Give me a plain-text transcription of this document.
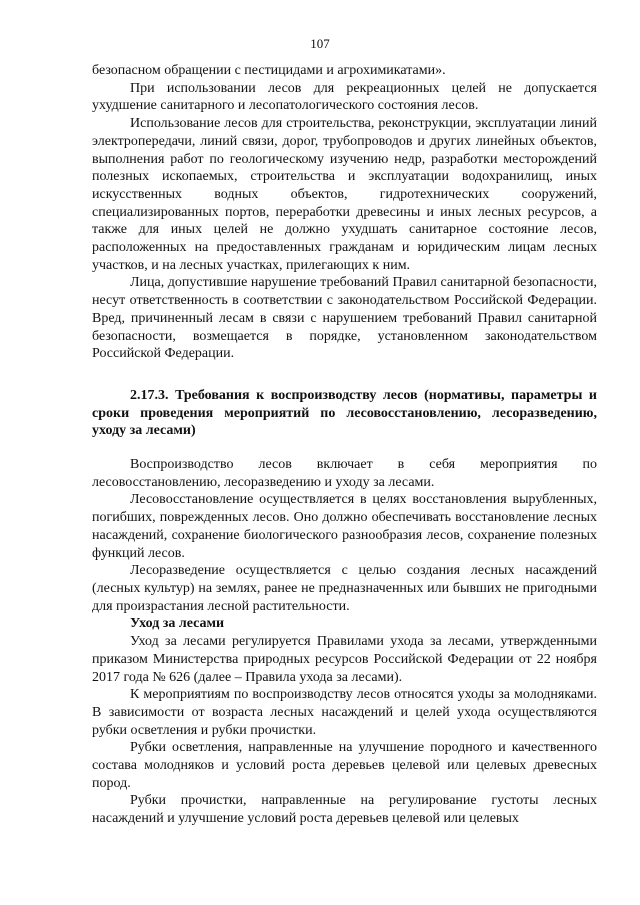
107

безопасном обращении с пестицидами и агрохимикатами».

При использовании лесов для рекреационных целей не допускается ухудшение санитарного и лесопатологического состояния лесов.

Использование лесов для строительства, реконструкции, эксплуатации линий электропередачи, линий связи, дорог, трубопроводов и других линейных объектов, выполнения работ по геологическому изучению недр, разработки месторождений полезных ископаемых, строительства и эксплуатации водохранилищ, иных искусственных водных объектов, гидротехнических сооружений, специализированных портов, переработки древесины и иных лесных ресурсов, а также для иных целей не должно ухудшать санитарное состояние лесов, расположенных на предоставленных гражданам и юридическим лицам лесных участков, и на лесных участках, прилегающих к ним.

Лица, допустившие нарушение требований Правил санитарной безопасности, несут ответственность в соответствии с законодательством Российской Федерации. Вред, причиненный лесам в связи с нарушением требований Правил санитарной безопасности, возмещается в порядке, установленном законодательством Российской Федерации.

2.17.3. Требования к воспроизводству лесов (нормативы, параметры и сроки проведения мероприятий по лесовосстановлению, лесоразведению, уходу за лесами)

Воспроизводство лесов включает в себя мероприятия по лесовосстановлению, лесоразведению и уходу за лесами.

Лесовосстановление осуществляется в целях восстановления вырубленных, погибших, поврежденных лесов. Оно должно обеспечивать восстановление лесных насаждений, сохранение биологического разнообразия лесов, сохранение полезных функций лесов.

Лесоразведение осуществляется с целью создания лесных насаждений (лесных культур) на землях, ранее не предназначенных или бывших не пригодными для произрастания лесной растительности.

Уход за лесами

Уход за лесами регулируется Правилами ухода за лесами, утвержденными приказом Министерства природных ресурсов Российской Федерации от 22 ноября 2017 года № 626 (далее – Правила ухода за лесами).

К мероприятиям по воспроизводству лесов относятся уходы за молодняками. В зависимости от возраста лесных насаждений и целей ухода осуществляются рубки осветления и рубки прочистки.

Рубки осветления, направленные на улучшение породного и качественного состава молодняков и условий роста деревьев целевой или целевых древесных пород.

Рубки прочистки, направленные на регулирование густоты лесных насаждений и улучшение условий роста деревьев целевой или целевых
